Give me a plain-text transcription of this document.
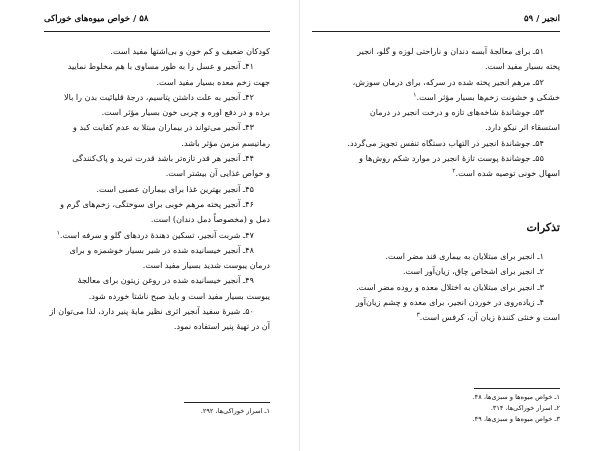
۵۸ / خواص میوه‌های خوراکی
کودکان ضعیف و کم خون و بی‌اشتها مفید است.
۴۱ـ آنجیر و عسل را به طور مساوی با هم مخلوط نمایید
جهت زخم معده بسیار مفید است.
۴۲ـ آنجیر به علت داشتن پتاسیم، درجهٔ قلیائیت بدن را بالا
برده و در دفع اوره و چربی خون بسیار مؤثر است.
۴۳ـ آنجیر می‌تواند در بیماران مبتلا به عدم کفایت کبد و
رماتیسم مزمن مؤثر باشد.
۴۴ـ آنجیر هر قدر تازه‌تر باشد قدرت تبرید و پاک‌کنندگی
و خواص غذایی آن بیشتر است.
۴۵ـ آنجیر بهترین غذا برای بیماران عصبی است.
۴۶ـ آنجیر پخته مرهم خوبی برای سوختگی، زخم‌های گرم و
دمل و (مخصوصاً دمل دندان) است.
۴۷ـ شربت آنجیر، تسکین دهندهٔ دردهای گلو و سرفه است.$^۱$
۴۸ـ آنجیر خیسانیده شده در شیر بسیار خوشمزه و برای
درمان یبوست شدید بسیار مفید است.
۴۹ـ آنجیر خیسانیده شده در روغن زیتون برای معالجهٔ
یبوست بسیار مفید است و باید صبح ناشتا خورده شود.
۵۰ـ شیرهٔ سفید آنجیر اثری نظیر مایهٔ پنیر دارد، لذا می‌توان از
آن در تهیهٔ پنیر استفاده نمود.
۱ـ اسرار خوراکی‌ها، ۲۹۲.
انجیر / ۵۹
۵۱ـ برای معالجهٔ آبسه دندان و ناراحتی لوزه و گلو، انجیر
پخته بسیار مفید است.
۵۲ـ مرهم انجیر پخته شده در سرکه، برای درمان سوزش،
خشکی و خشونت زخم‌ها بسیار مؤثر است.$^۱$
۵۳ـ جوشاندهٔ شاخه‌های تازه و درخت انجیر در درمان
استسقاء اثر نیکو دارد.
۵۴ـ جوشاندهٔ انجیر در التهاب دستگاه تنفس تجویز می‌گردد.
۵۵ـ جوشاندهٔ پوست تازهٔ انجیر در موارد شکم روش‌ها و
اسهال خونی توصیه شده است.$^۲$
تذکرات
۱ـ انجیر برای مبتلایان به بیماری قند مضر است.
۲ـ انجیر برای اشخاص چاق، زیان‌آور است.
۳ـ انجیر برای مبتلایان به اختلال معده و روده مضر است.
۴ـ زیاده‌روی در خوردن انجیر، برای معده و چشم زیان‌آور
است و خنثی کنندهٔ زیان آن، کرفس است.$^۳$
۱ـ خواص میوه‌ها و سبزی‌ها، ۴۸.
۲ـ اسرار خوراکی‌ها، ۳۱۴.
۳ـ خواص میوه‌ها و سبزی‌ها، ۴۹.
